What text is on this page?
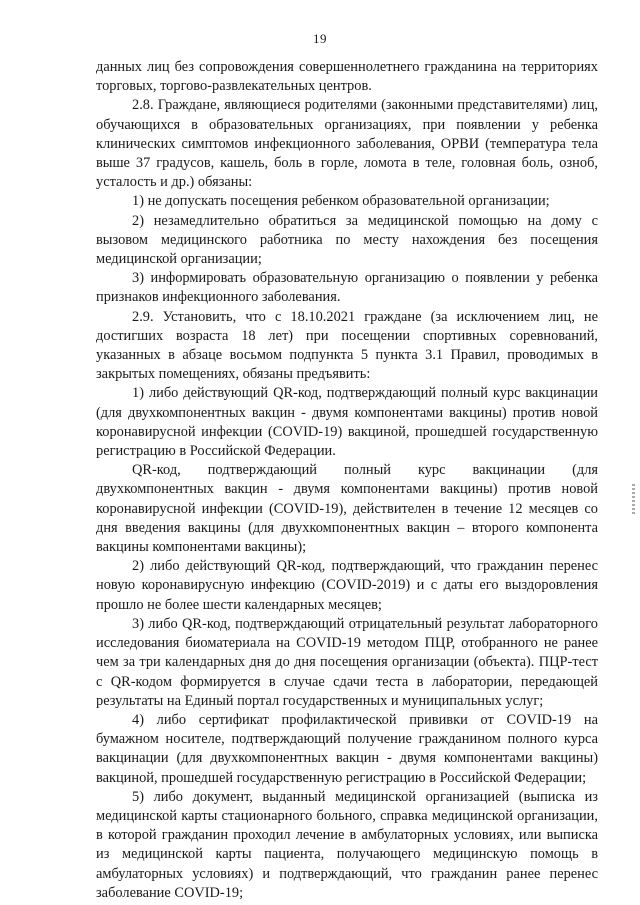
19

данных лиц без сопровождения совершеннолетнего гражданина на территориях торговых, торгово-развлекательных центров.

2.8. Граждане, являющиеся родителями (законными представителями) лиц, обучающихся в образовательных организациях, при появлении у ребенка клинических симптомов инфекционного заболевания, ОРВИ (температура тела выше 37 градусов, кашель, боль в горле, ломота в теле, головная боль, озноб, усталость и др.) обязаны:

1) не допускать посещения ребенком образовательной организации;

2) незамедлительно обратиться за медицинской помощью на дому с вызовом медицинского работника по месту нахождения без посещения медицинской организации;

3) информировать образовательную организацию о появлении у ребенка признаков инфекционного заболевания.

2.9. Установить, что с 18.10.2021 граждане (за исключением лиц, не достигших возраста 18 лет) при посещении спортивных соревнований, указанных в абзаце восьмом подпункта 5 пункта 3.1 Правил, проводимых в закрытых помещениях, обязаны предъявить:

1) либо действующий QR-код, подтверждающий полный курс вакцинации (для двухкомпонентных вакцин - двумя компонентами вакцины) против новой коронавирусной инфекции (COVID-19) вакциной, прошедшей государственную регистрацию в Российской Федерации.

QR-код, подтверждающий полный курс вакцинации (для двухкомпонентных вакцин - двумя компонентами вакцины) против новой коронавирусной инфекции (COVID-19), действителен в течение 12 месяцев со дня введения вакцины (для двухкомпонентных вакцин – второго компонента вакцины компонентами вакцины);

2) либо действующий QR-код, подтверждающий, что гражданин перенес новую коронавирусную инфекцию (COVID-2019) и с даты его выздоровления прошло не более шести календарных месяцев;

3) либо QR-код, подтверждающий отрицательный результат лабораторного исследования биоматериала на COVID-19 методом ПЦР, отобранного не ранее чем за три календарных дня до дня посещения организации (объекта). ПЦР-тест с QR-кодом формируется в случае сдачи теста в лаборатории, передающей результаты на Единый портал государственных и муниципальных услуг;

4) либо сертификат профилактической прививки от COVID-19 на бумажном носителе, подтверждающий получение гражданином полного курса вакцинации (для двухкомпонентных вакцин - двумя компонентами вакцины) вакциной, прошедшей государственную регистрацию в Российской Федерации;

5) либо документ, выданный медицинской организацией (выписка из медицинской карты стационарного больного, справка медицинской организации, в которой гражданин проходил лечение в амбулаторных условиях, или выписка из медицинской карты пациента, получающего медицинскую помощь в амбулаторных условиях) и подтверждающий, что гражданин ранее перенес заболевание COVID-19;
